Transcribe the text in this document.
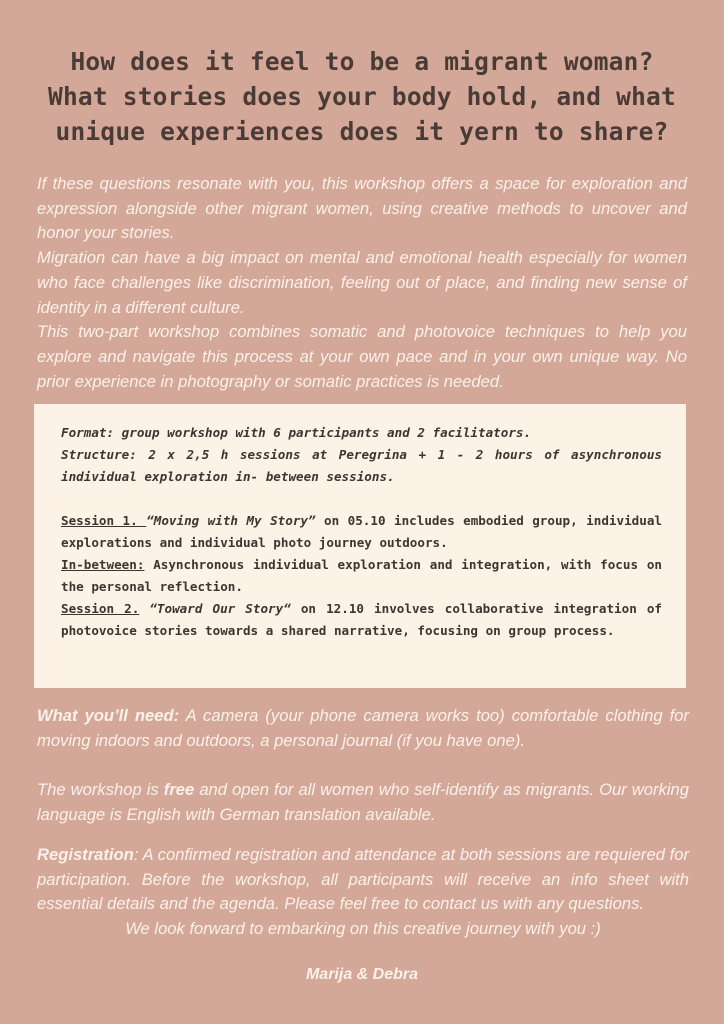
How does it feel to be a migrant woman?
What stories does your body hold, and what
unique experiences does it yern to share?

If these questions resonate with you, this workshop offers a space for exploration and expression alongside other migrant women, using creative methods to uncover and honor your stories.

Migration can have a big impact on mental and emotional health especially for women who face challenges like discrimination, feeling out of place, and finding new sense of identity in a different culture.

This two-part workshop combines somatic and photovoice techniques to help you explore and navigate this process at your own pace and in your own unique way. No prior experience in photography or somatic practices is needed.

Format: group workshop with 6 participants and 2 facilitators.

Structure: 2 x 2,5 h sessions at Peregrina + 1 - 2 hours of asynchronous individual exploration in- between sessions.

Session 1. “Moving with My Story” on 05.10 includes embodied group, individual explorations and individual photo journey outdoors.

In-between: Asynchronous individual exploration and integration, with focus on the personal reflection.

Session 2. “Toward Our Story“ on 12.10 involves collaborative integration of photovoice stories towards a shared narrative, focusing on group process.

What you’ll need: A camera (your phone camera works too) comfortable clothing for moving indoors and outdoors, a personal journal (if you have one).

The workshop is free and open for all women who self-identify as migrants. Our working language is English with German translation available.

Registration: A confirmed registration and attendance at both sessions are requiered for participation. Before the workshop, all participants will receive an info sheet with essential details and the agenda. Please feel free to contact us with any questions.

We look forward to embarking on this creative journey with you :)

Marija & Debra
